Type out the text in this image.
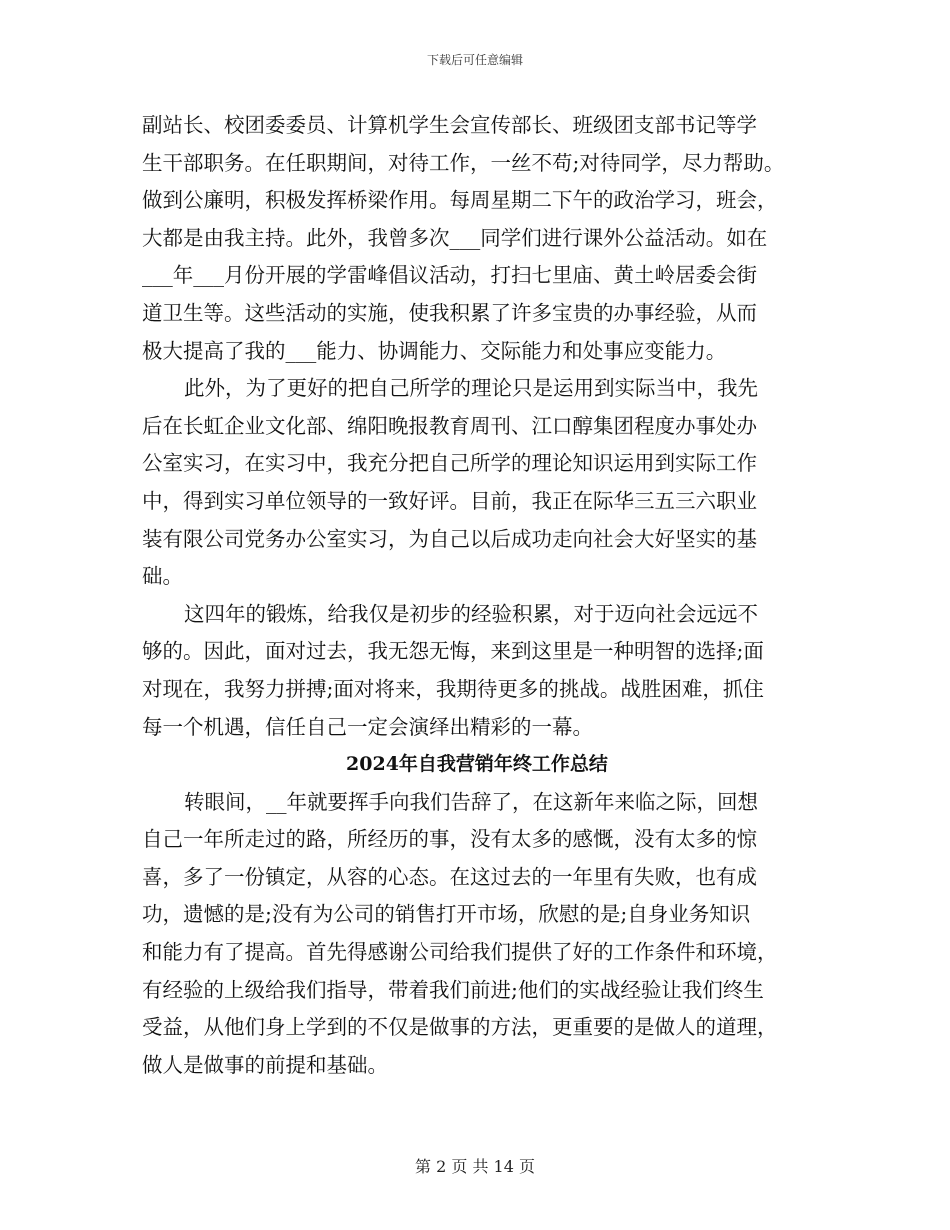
下载后可任意编辑
副站长、校团委委员、计算机学生会宣传部长、班级团支部书记等学
生干部职务。在任职期间，对待工作，一丝不苟;对待同学，尽力帮助。
做到公廉明，积极发挥桥梁作用。每周星期二下午的政治学习，班会，
大都是由我主持。此外，我曾多次___同学们进行课外公益活动。如在
___年___月份开展的学雷峰倡议活动，打扫七里庙、黄土岭居委会街
道卫生等。这些活动的实施，使我积累了许多宝贵的办事经验，从而
极大提高了我的___能力、协调能力、交际能力和处事应变能力。
此外，为了更好的把自己所学的理论只是运用到实际当中，我先
后在长虹企业文化部、绵阳晚报教育周刊、江口醇集团程度办事处办
公室实习，在实习中，我充分把自己所学的理论知识运用到实际工作
中，得到实习单位领导的一致好评。目前，我正在际华三五三六职业
装有限公司党务办公室实习，为自己以后成功走向社会大好坚实的基
础。
这四年的锻炼，给我仅是初步的经验积累，对于迈向社会远远不
够的。因此，面对过去，我无怨无悔，来到这里是一种明智的选择;面
对现在，我努力拼搏;面对将来，我期待更多的挑战。战胜困难，抓住
每一个机遇，信任自己一定会演绎出精彩的一幕。
2024年自我营销年终工作总结
转眼间，__年就要挥手向我们告辞了，在这新年来临之际，回想
自己一年所走过的路，所经历的事，没有太多的感慨，没有太多的惊
喜，多了一份镇定，从容的心态。在这过去的一年里有失败，也有成
功，遗憾的是;没有为公司的销售打开市场，欣慰的是;自身业务知识
和能力有了提高。首先得感谢公司给我们提供了好的工作条件和环境，
有经验的上级给我们指导，带着我们前进;他们的实战经验让我们终生
受益，从他们身上学到的不仅是做事的方法，更重要的是做人的道理，
做人是做事的前提和基础。
第 2 页 共 14 页
